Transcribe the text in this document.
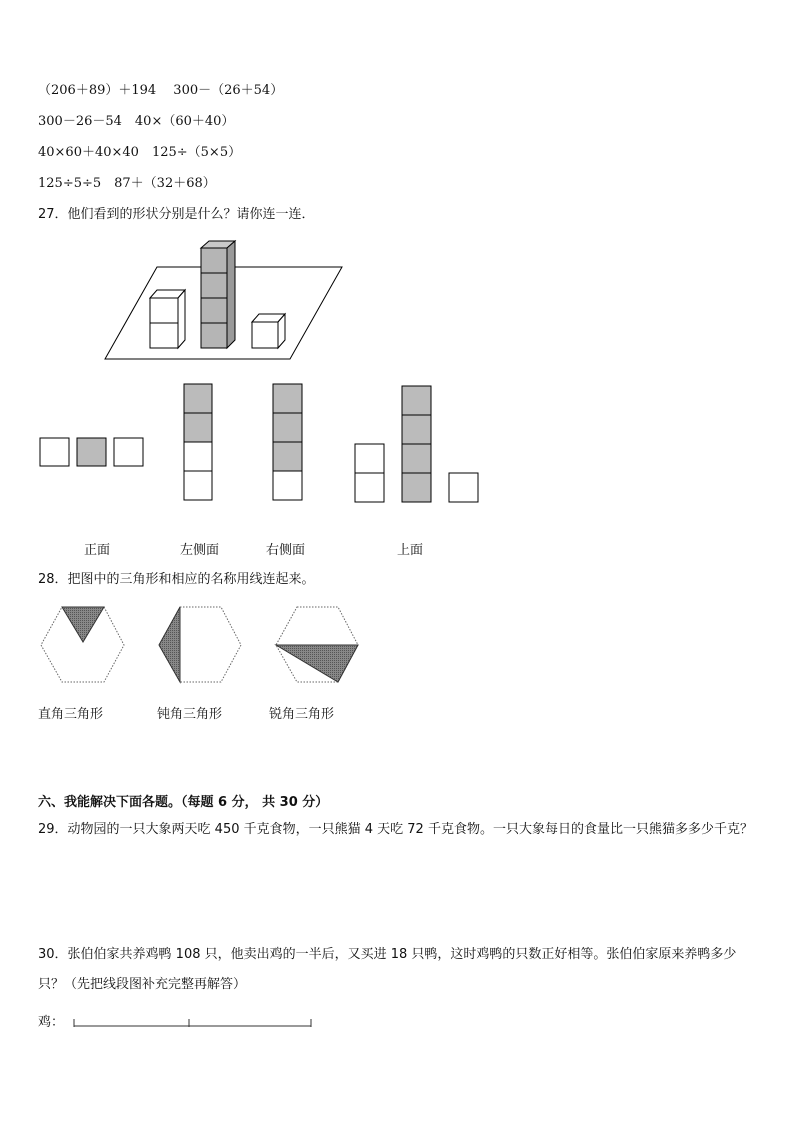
（206＋89）＋194　 300－（26＋54）
300－26－54　40×（60＋40）
40×60＋40×40　125÷（5×5）
125÷5÷5　87＋（32＋68）
27．他们看到的形状分别是什么？请你连一连．
正面	左侧面	右侧面	上面
28．把图中的三角形和相应的名称用线连起来。
直角三角形	钝角三角形	锐角三角形
六、我能解决下面各题。（每题 6 分， 共 30 分）
29．动物园的一只大象两天吃 450 千克食物，一只熊猫 4 天吃 72 千克食物。一只大象每日的食量比一只熊猫多多少千克？
30．张伯伯家共养鸡鸭 108 只，他卖出鸡的一半后，又买进 18 只鸭，这时鸡鸭的只数正好相等。张伯伯家原来养鸭多少只？（先把线段图补充完整再解答）
鸡：
